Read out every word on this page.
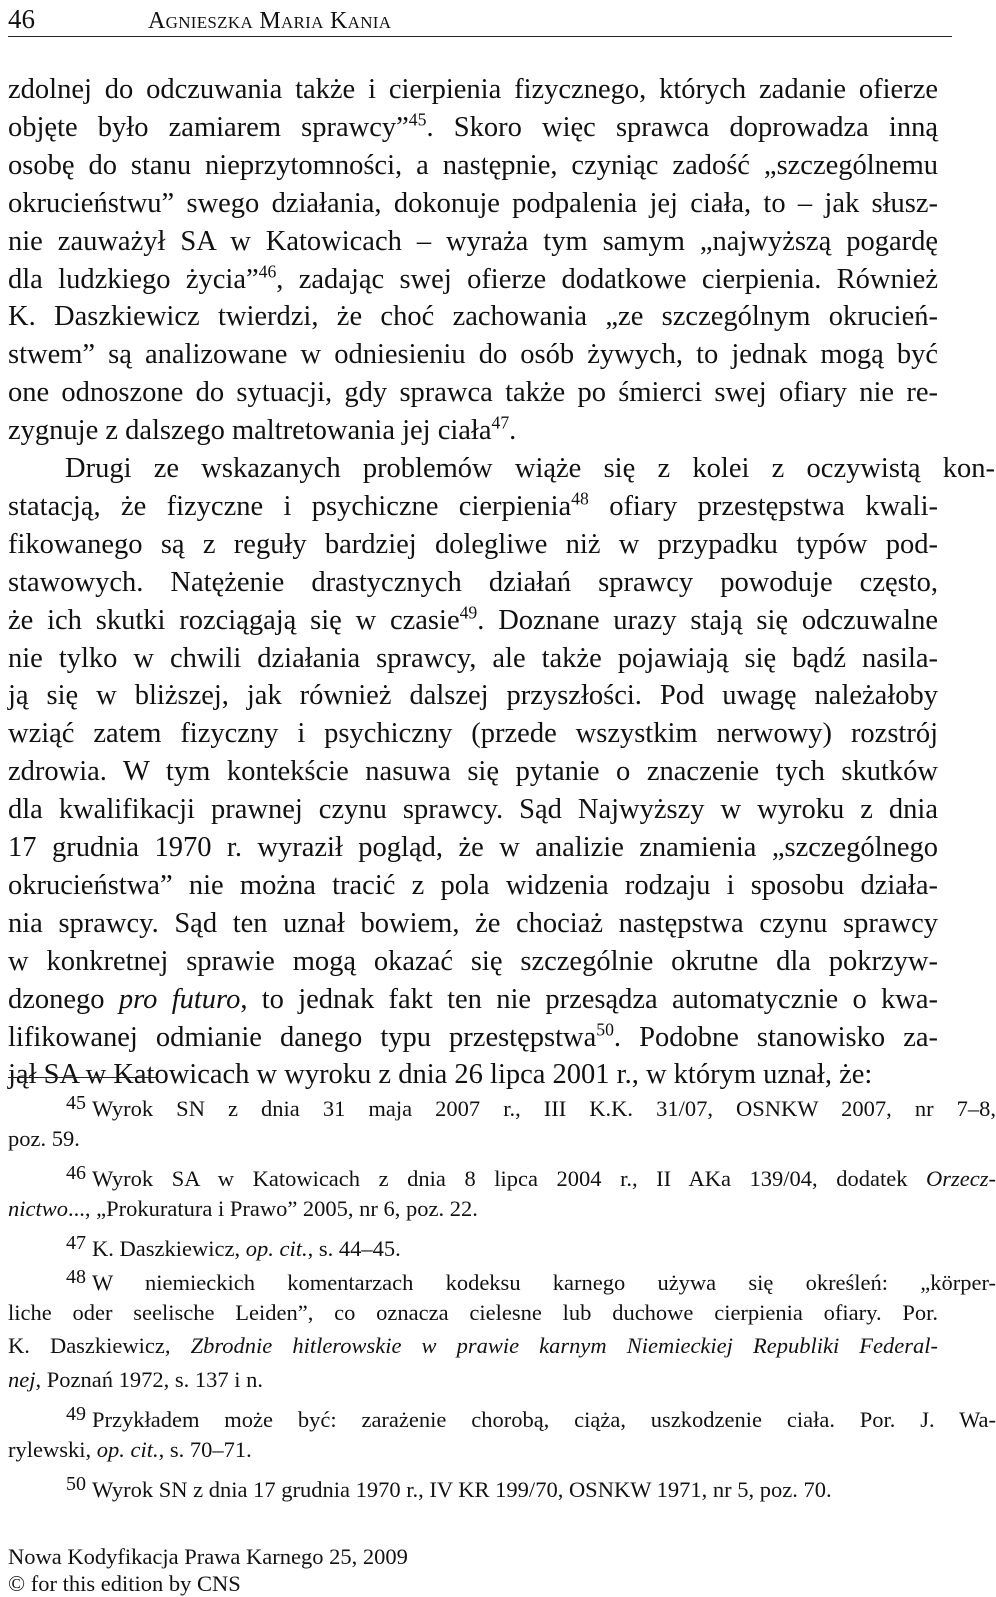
46	Agnieszka Maria Kania
zdolnej do odczuwania także i cierpienia fizycznego, których zadanie ofierze
objęte było zamiarem sprawcy”$^{45}$. Skoro więc sprawca doprowadza inną
osobę do stanu nieprzytomności, a następnie, czyniąc zadość „szczególnemu
okrucieństwu” swego działania, dokonuje podpalenia jej ciała, to – jak słusz-
nie zauważył SA w Katowicach – wyraża tym samym „najwyższą pogardę
dla ludzkiego życia”$^{46}$, zadając swej ofierze dodatkowe cierpienia. Również
K. Daszkiewicz twierdzi, że choć zachowania „ze szczególnym okrucień-
stwem” są analizowane w odniesieniu do osób żywych, to jednak mogą być
one odnoszone do sytuacji, gdy sprawca także po śmierci swej ofiary nie re-
zygnuje z dalszego maltretowania jej ciała$^{47}$.
Drugi ze wskazanych problemów wiąże się z kolei z oczywistą kon-
statacją, że fizyczne i psychiczne cierpienia$^{48}$ ofiary przestępstwa kwali-
fikowanego są z reguły bardziej dolegliwe niż w przypadku typów pod-
stawowych. Natężenie drastycznych działań sprawcy powoduje często,
że ich skutki rozciągają się w czasie$^{49}$. Doznane urazy stają się odczuwalne
nie tylko w chwili działania sprawcy, ale także pojawiają się bądź nasila-
ją się w bliższej, jak również dalszej przyszłości. Pod uwagę należałoby
wziąć zatem fizyczny i psychiczny (przede wszystkim nerwowy) rozstrój
zdrowia. W tym kontekście nasuwa się pytanie o znaczenie tych skutków
dla kwalifikacji prawnej czynu sprawcy. Sąd Najwyższy w wyroku z dnia
17 grudnia 1970 r. wyraził pogląd, że w analizie znamienia „szczególnego
okrucieństwa” nie można tracić z pola widzenia rodzaju i sposobu działa-
nia sprawcy. Sąd ten uznał bowiem, że chociaż następstwa czynu sprawcy
w konkretnej sprawie mogą okazać się szczególnie okrutne dla pokrzyw-
dzonego pro futuro, to jednak fakt ten nie przesądza automatycznie o kwa-
lifikowanej odmianie danego typu przestępstwa$^{50}$. Podobne stanowisko za-
jął SA w Katowicach w wyroku z dnia 26 lipca 2001 r., w którym uznał, że:
45 Wyrok SN z dnia 31 maja 2007 r., III K.K. 31/07, OSNKW 2007, nr 7–8,
poz. 59.
46 Wyrok SA w Katowicach z dnia 8 lipca 2004 r., II AKa 139/04, dodatek Orzecz-
nictwo..., „Prokuratura i Prawo” 2005, nr 6, poz. 22.
47 K. Daszkiewicz, op. cit., s. 44–45.
48 W niemieckich komentarzach kodeksu karnego używa się określeń: „körper-
liche oder seelische Leiden”, co oznacza cielesne lub duchowe cierpienia ofiary. Por.
K. Daszkiewicz, Zbrodnie hitlerowskie w prawie karnym Niemieckiej Republiki Federal-
nej, Poznań 1972, s. 137 i n.
49 Przykładem może być: zarażenie chorobą, ciąża, uszkodzenie ciała. Por. J. Wa-
rylewski, op. cit., s. 70–71.
50 Wyrok SN z dnia 17 grudnia 1970 r., IV KR 199/70, OSNKW 1971, nr 5, poz. 70.
Nowa Kodyfikacja Prawa Karnego 25, 2009
© for this edition by CNS
